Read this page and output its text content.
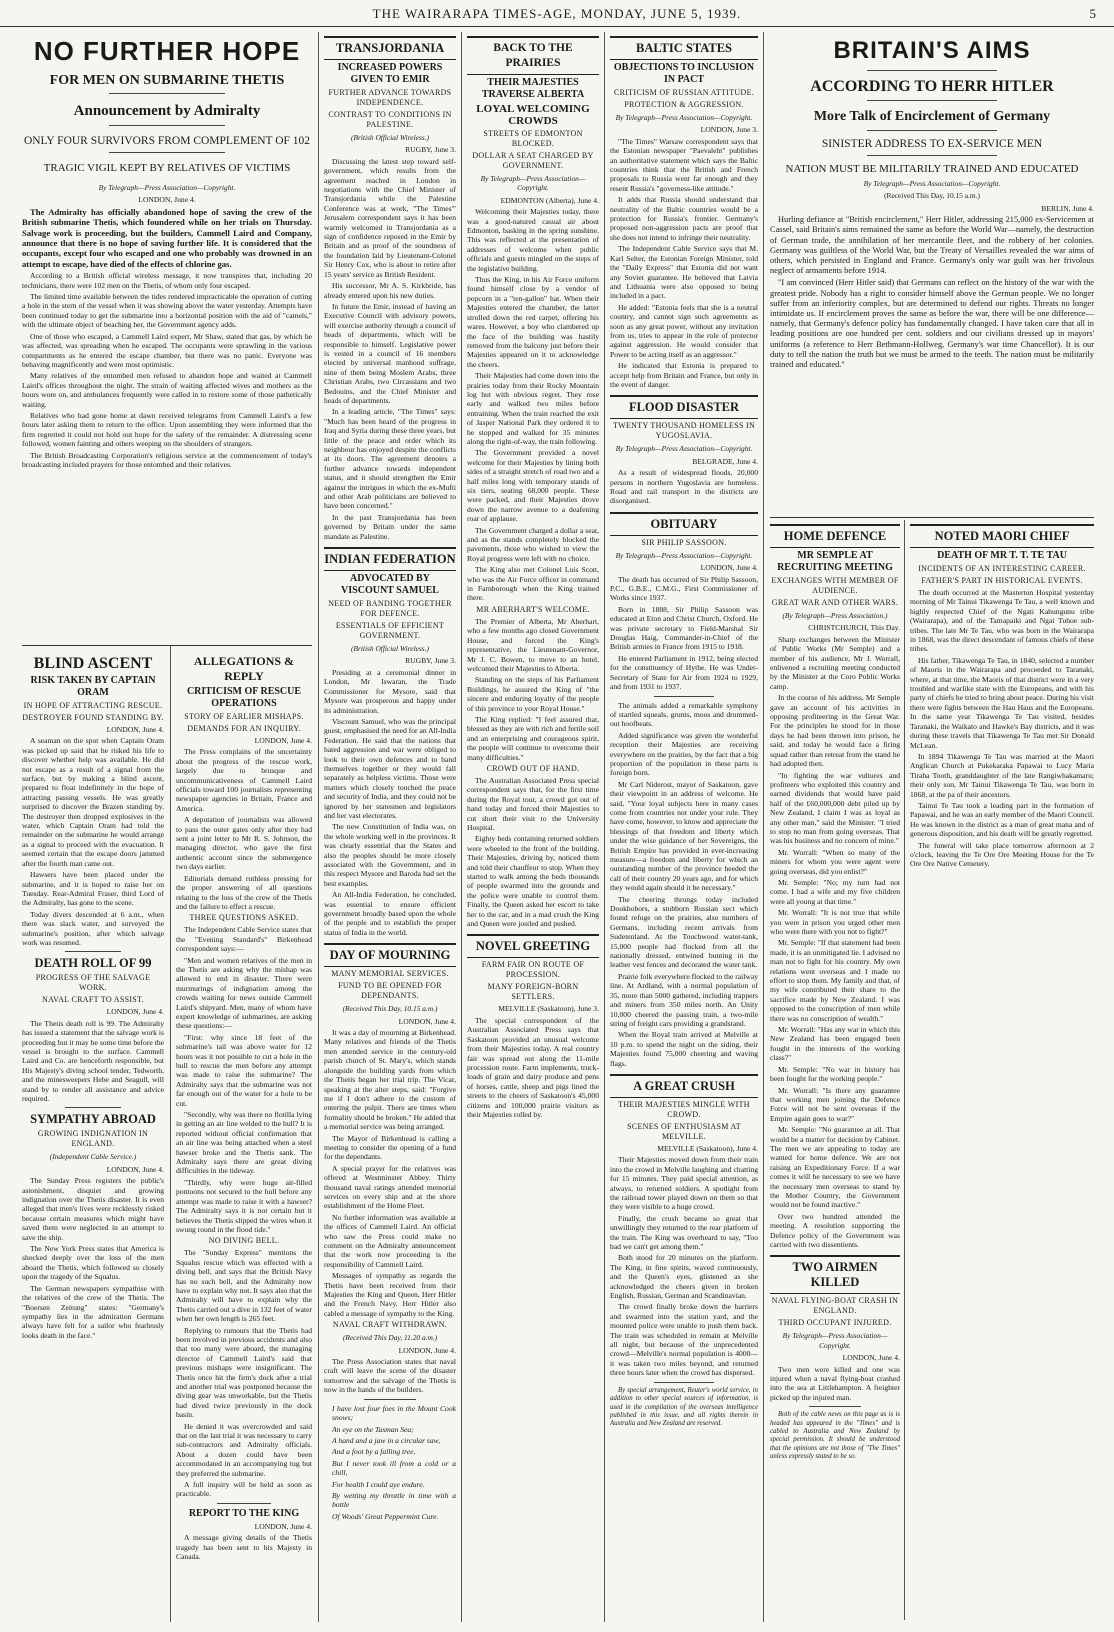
THE WAIRARAPA TIMES-AGE, MONDAY, JUNE 5, 1939.	5
NO FURTHER HOPE
FOR MEN ON SUBMARINE THETIS
Announcement by Admiralty
ONLY FOUR SURVIVORS FROM COMPLEMENT OF 102
TRAGIC VIGIL KEPT BY RELATIVES OF VICTIMS
By Telegraph—Press Association—Copyright.
LONDON, June 4.

The Admiralty has officially abandoned hope of saving the crew of the British submarine Thetis, which foundered while on her trials on Thursday. Salvage work is proceeding, but the builders, Cammell Laird and Company, announce that there is no hope of saving further life. It is considered that the occupants, except four who escaped and one who probably was drowned in an attempt to escape, have died of the effects of chlorine gas.

According to a British official wireless message, it now transpires that, including 20 technicians, there were 102 men on the Thetis, of whom only four escaped.

The limited time available between the tides rendered impracticable the operation of cutting a hole in the stern of the vessel when it was showing above the water yesterday. Attempts have been continued today to get the submarine into a horizontal position with the aid of "camels," with the ultimate object of beaching her, the Government agency adds.

One of those who escaped, a Cammell Laird expert, Mr Shaw, stated that gas, by which he was affected, was spreading when he escaped. The occupants were sprawling in the various compartments as he entered the escape chamber, but there was no panic. Everyone was behaving magnificently and were most optimistic.

Many relatives of the entombed men refused to abandon hope and waited at Cammell Laird's offices throughout the night. The strain of waiting affected wives and mothers as the hours wore on, and ambulances frequently were called in to restore some of those pathetically waiting.

Relatives who had gone home at dawn received telegrams from Cammell Laird's a few hours later asking them to return to the office. Upon assembling they were informed that the firm regretted it could not hold out hope for the safety of the remainder. A distressing scene followed, women fainting and others weeping on the shoulders of strangers.

The British Broadcasting Corporation's religious service at the commencement of today's broadcasting included prayers for those entombed and their relatives.

BLIND ASCENT
RISK TAKEN BY CAPTAIN ORAM
IN HOPE OF ATTRACTING RESCUE.
DESTROYER FOUND STANDING BY.
LONDON, June 4.

A seaman on the spot when Captain Oram was picked up said that he risked his life to discover whether help was available. He did not escape as a result of a signal from the surface, but by making a blind ascent, prepared to float indefinitely in the hope of attracting passing vessels. He was greatly surprised to discover the Brazen standing by. The destroyer then dropped explosives in the water, which Captain Oram had told the remainder on the submarine he would arrange as a signal to proceed with the evacuation. It seemed certain that the escape doors jammed after the fourth man came out.

Hawsers have been placed under the submarine, and it is hoped to raise her on Tuesday. Rear-Admiral Fraser, third Lord of the Admiralty, has gone to the scene.

Today divers descended at 6 a.m., when there was slack water, and surveyed the submarine's position, after which salvage work was resumed.

DEATH ROLL OF 99
PROGRESS OF THE SALVAGE WORK.
NAVAL CRAFT TO ASSIST.
LONDON, June 4.

The Thetis death roll is 99. The Admiralty has issued a statement that the salvage work is proceeding but it may be some time before the vessel is brought to the surface. Cammell Laird and Co. are henceforth responsible, but His Majesty's diving school tender, Tedworth, and the minesweepers Hebe and Seagull, will stand by to render all assistance and advice required.

SYMPATHY ABROAD
GROWING INDIGNATION IN ENGLAND.
(Independent Cable Service.)
LONDON, June 4.

The Sunday Press registers the public's astonishment, disquiet and growing indignation over the Thetis disaster. It is even alleged that men's lives were recklessly risked because certain measures which might have saved them were neglected in an attempt to save the ship.

The New York Press states that America is shocked deeply over the loss of the men aboard the Thetis, which followed so closely upon the tragedy of the Squalus.

The German newspapers sympathise with the relatives of the crew of the Thetis. The "Boersen Zeitung" states: "Germany's sympathy lies in the admiration Germans always have felt for a sailor who fearlessly looks death in the face."

ALLEGATIONS & REPLY
CRITICISM OF RESCUE OPERATIONS
STORY OF EARLIER MISHAPS.
DEMANDS FOR AN INQUIRY.
LONDON, June 4.

The Press complains of the uncertainty about the progress of the rescue work, largely due to brusque and uncommunicativeness of Cammell Laird officials toward 100 journalists representing newspaper agencies in Britain, France and America.

A deputation of journalists was allowed to pass the outer gates only after they had sent a joint letter to Mr R. S. Johnson, the managing director, who gave the first authentic account since the submergence two days earlier.

Editorials demand ruthless pressing for the proper answering of all questions relating to the loss of the crew of the Thetis and the failure to effect a rescue.

THREE QUESTIONS ASKED.

The Independent Cable Service states that the "Evening Standard's" Birkenhead correspondent says:—

"Men and women relatives of the men in the Thetis are asking why the mishap was allowed to end in disaster. There were murmurings of indignation among the crowds waiting for news outside Cammell Laird's shipyard. Men, many of whom have expert knowledge of submarines, are asking these questions:—

"First: why since 18 feet of the submarine's tail was above water for 12 hours was it not possible to cut a hole in the hull to rescue the men before any attempt was made to raise the submarine? The Admiralty says that the submarine was not far enough out of the water for a hole to be cut.

"Secondly, why was there no flotilla lying in getting an air line welded to the hull? It is reported without official confirmation that an air line was being attached when a steel hawser broke and the Thetis sank. The Admiralty says there are great diving difficulties in the tideway.

"Thirdly, why were huge air-filled pontoons not secured to the hull before any attempt was made to raise it with a hawser? The Admiralty says it is not certain but it believes the Thetis slipped the wires when it swung round in the flood tide."

NO DIVING BELL.

The "Sunday Express" mentions the Squalus rescue which was effected with a diving bell, and says that the British Navy has no such bell, and the Admiralty now have to explain why not. It says also that the Admiralty will have to explain why the Thetis carried out a dive in 132 feet of water when her own length is 265 feet.

Replying to rumours that the Thetis had been involved in previous accidents and also that too many were aboard, the managing director of Cammell Laird's said that previous mishaps were insignificant. The Thetis once hit the firm's dock after a trial and another trial was postponed because the diving gear was unworkable, but the Thetis had dived twice previously in the dock basin.

He denied it was overcrowded and said that on the last trial it was necessary to carry sub-contractors and Admiralty officials. About a dozen could have been accommodated in an accompanying tug but they preferred the submarine.

A full inquiry will be held as soon as practicable.

REPORT TO THE KING
LONDON, June 4.

A message giving details of the Thetis tragedy has been sent to his Majesty in Canada.

TRANSJORDANIA
INCREASED POWERS GIVEN TO EMIR
FURTHER ADVANCE TOWARDS INDEPENDENCE.
CONTRAST TO CONDITIONS IN PALESTINE.
(British Official Wireless.)
RUGBY, June 3.

Discussing the latest step toward self-government, which results from the agreement reached in London in negotiations with the Chief Minister of Transjordania while the Palestine Conference was at work, "The Times'" Jerusalem correspondent says it has been warmly welcomed in Transjordania as a sign of confidence reposed in the Emir by Britain and as proof of the soundness of the foundation laid by Lieutenant-Colonel Sir Henry Cox, who is about to retire after 15 years' service as British Resident.

His successor, Mr A. S. Kirkbride, has already entered upon his new duties.

In future the Emir, instead of having an Executive Council with advisory powers, will exercise authority through a council of heads of departments, which will be responsible to himself. Legislative power is vested in a council of 16 members elected by universal manhood suffrage, nine of them being Moslem Arabs, three Christian Arabs, two Circassians and two Bedouins, and the Chief Minister and heads of departments.

In a leading article, "The Times" says: "Much has been heard of the progress in Iraq and Syria during these three years, but little of the peace and order which its neighbour has enjoyed despite the conflicts at its doors. The agreement denotes a further advance towards independent status, and it should strengthen the Emir against the intrigues in which the ex-Mufti and other Arab politicians are believed to have been concerned."

In the past Transjordania has been governed by Britain under the same mandate as Palestine.

INDIAN FEDERATION
ADVOCATED BY VISCOUNT SAMUEL
NEED OF BANDING TOGETHER FOR DEFENCE.
ESSENTIALS OF EFFICIENT GOVERNMENT.
(British Official Wireless.)
RUGBY, June 3.

Presiding at a ceremonial dinner in London, Mr Iswaran, the Trade Commissioner for Mysore, said that Mysore was prosperous and happy under its administration.

Viscount Samuel, who was the principal guest, emphasised the need for an All-India Federation. He said that the nations that hated aggression and war were obliged to look to their own defences and to band themselves together or they would fall separately as helpless victims. Those were matters which closely touched the peace and security of India, and they could not be ignored by her statesmen and legislators and her vast electorates.

The new Constitution of India was, on the whole working well in the provinces. It was clearly essential that the States and also the peoples should be more closely associated with the Government, and in this respect Mysore and Baroda had set the best examples.

An All-India Federation, he concluded, was essential to ensure efficient government broadly based upon the whole of the people and to establish the proper status of India in the world.

DAY OF MOURNING
MANY MEMORIAL SERVICES.
FUND TO BE OPENED FOR DEPENDANTS.
(Received This Day, 10.15 a.m.)
LONDON, June 4.

It was a day of mourning at Birkenhead. Many relatives and friends of the Thetis men attended service in the century-old parish church of St. Mary's, which stands alongside the building yards from which the Thetis began her trial trip. The Vicar, speaking at the alter steps, said: "Forgive me if I don't adhere to the custom of entering the pulpit. There are times when formality should be broken." He added that a memorial service was being arranged.

The Mayor of Birkenhead is calling a meeting to consider the opening of a fund for the dependants.

A special prayer for the relatives was offered at Westminster Abbey. Thirty thousand naval ratings attended memorial services on every ship and at the shore establishment of the Home Fleet.

No further information was available at the offices of Cammell Laird. An official who saw the Press could make no comment on the Admiralty announcement that the work now proceeding is the responsibility of Cammell Laird.

Messages of sympathy as regards the Thetis have been received from their Majesties the King and Queen, Herr Hitler and the French Navy. Herr Hitler also cabled a message of sympathy to the King.

NAVAL CRAFT WITHDRAWN.
(Received This Day, 11.20 a.m.)
LONDON, June 4.

The Press Association states that naval craft will leave the scene of the disaster tomorrow and the salvage of the Thetis is now in the hands of the builders.

I have lost four foes in the Mount Cook snows;

An eye on the Tasman Sea;

A hand and a jaw in a circular saw,

And a foot by a falling tree,

But I never took ill from a cold or a chill,

For health I could aye endure.

By wetting my throttle in time with a bottle

Of Woods' Great Peppermint Cure.

BACK TO THE PRAIRIES
THEIR MAJESTIES TRAVERSE ALBERTA
LOYAL WELCOMING CROWDS
STREETS OF EDMONTON BLOCKED.
DOLLAR A SEAT CHARGED BY GOVERNMENT.
By Telegraph—Press Association—Copyright.
EDMONTON (Alberta), June 4.

Welcoming their Majesties today, there was a good-natured casual air about Edmonton, basking in the spring sunshine. This was reflected at the presentation of addresses of welcome when public officials and guests mingled on the steps of the legislative building.

Thus the King, in his Air Force uniform found himself close by a vendor of popcorn in a "ten-gallon" hat. When their Majesties entered the chamber, the latter strolled down the red carpet, offering his wares. However, a boy who clambered up the face of the building was hastily removed from the balcony just before their Majesties appeared on it to acknowledge the cheers.

Their Majesties had come down into the prairies today from their Rocky Mountain log hut with obvious regret. They rose early and walked two miles before entraining. When the train reached the exit of Jasper National Park they ordered it to be stopped and walked for 35 minutes along the right-of-way, the train following.

The Government provided a novel welcome for their Majesties by lining both sides of a straight stretch of road two and a half miles long with temporary stands of six tiers, seating 68,000 people. These were packed, and their Majesties drove down the narrow avenue to a deafening roar of applause.

The Government charged a dollar a seat, and as the stands completely blocked the pavements, those who wished to view the Royal progress were left with no choice.

The King also met Colonel Luis Scott, who was the Air Force officer in command in Farnborough when the King trained there.

MR ABERHART'S WELCOME.

The Premier of Alberta, Mr Aberhart, who a few months ago closed Government House, and forced the King's representative, the Lieutenant-Governor, Mr J. C. Bowen, to move to an hotel, welcomed their Majesties to Alberta.

Standing on the steps of his Parliament Buildings, he assured the King of "the sincere and enduring loyalty of the people of this province to your Royal House."

The King replied: "I feel assured that, blessed as they are with rich and fertile soil and an enterprising and courageous spirit, the people will continue to overcome their many difficulties."

CROWD OUT OF HAND.

The Australian Associated Press special correspondent says that, for the first time during the Royal tour, a crowd got out of hand today and forced their Majesties to cut short their visit to the University Hospital.

Eighty beds containing returned soldiers were wheeled to the front of the building. Their Majesties, driving by, noticed them and told their chauffeur to stop. When they started to walk among the beds thousands of people swarmed into the grounds and the police were unable to control them. Finally, the Queen asked her escort to take her to the car, and in a mad crush the King and Queen were jostled and pushed.

NOVEL GREETING
FARM FAIR ON ROUTE OF PROCESSION.
MANY FOREIGN-BORN SETTLERS.
MELVILLE (Saskatoon), June 3.

The special correspondent of the Australian Associated Press says that Saskatoon provided an unusual welcome from their Majesties today. A real country fair was spread out along the 11-mile procession route. Farm implements, truck-loads of grain and dairy produce and pens of horses, cattle, sheep and pigs lined the streets to the cheers of Saskatoon's 45,000 citizens and 100,000 prairie visitors as their Majesties rolled by.

BALTIC STATES
OBJECTIONS TO INCLUSION IN PACT
CRITICISM OF RUSSIAN ATTITUDE.
PROTECTION & AGGRESSION.
By Telegraph—Press Association—Copyright.
LONDON, June 3.

"The Times" Warsaw correspondent says that the Estonian newspaper "Paevaleht" publishes an authoritative statement which says the Baltic countries think that the British and French proposals to Russia went far enough and they resent Russia's "governess-like attitude."

It adds that Russia should understand that neutrality of the Baltic countries would be a protection for Russia's frontier. Germany's proposed non-aggression pacts are proof that she does not intend to infringe their neutrality.

The Independent Cable Service says that M. Karl Selter, the Estonian Foreign Minister, told the "Daily Express" that Estonia did not want any Soviet guarantee. He believed that Latvia and Lithuania were also opposed to being included in a pact.

He added: "Estonia feels that she is a neutral country, and cannot sign such agreements as soon as any great power, without any invitation from us, tries to appear in the role of protector against aggression. He would consider that Power to be acting itself as an aggressor."

He indicated that Estonia is prepared to accept help from Britain and France, but only in the event of danger.

FLOOD DISASTER
TWENTY THOUSAND HOMELESS IN YUGOSLAVIA.
By Telegraph—Press Association—Copyright.
BELGRADE, June 4.

As a result of widespread floods, 20,000 persons in northern Yugoslavia are homeless. Road and rail transport in the districts are disorganised.

OBITUARY
SIR PHILIP SASSOON.
By Telegraph—Press Association—Copyright.
LONDON, June 4.

The death has occurred of Sir Philip Sassoon, P.C., G.B.E., C.M.G., First Commissioner of Works since 1937.

Born in 1888, Sir Philip Sassoon was educated at Eton and Christ Church, Oxford. He was private secretary to Field-Marshal Sir Douglas Haig, Commander-in-Chief of the British armies in France from 1915 to 1918.

He entered Parliament in 1912, being elected for the constituency of Hythe. He was Under-Secretary of State for Air from 1924 to 1929, and from 1931 to 1937.

The animals added a remarkable symphony of startled squeals, grunts, moos and drummed-out hoofbeats.

Added significance was given the wonderful reception their Majesties are receiving everywhere on the prairies, by the fact that a big proportion of the population in these parts is foreign born.

Mr Carl Niderost, mayor of Saskatoon, gave their viewpoint in an address of welcome. He said, "Your loyal subjects here in many cases come from countries not under your rule. They have come, however, to know and appreciate the blessings of that freedom and liberty which under the wise guidance of her Sovereigns, the British Empire has provided in ever-increasing measure—a freedom and liberty for which an outstanding number of the province heeded the call of their country 20 years ago, and for which they would again should it be necessary."

The cheering throngs today included Doukhobors, a stubborn Russian sect which found refuge on the prairies, also numbers of Germans, including recent arrivals from Sudetenland. At the Touchwood water-tank, 15,000 people had flocked from all the nationally dressed, entwined bunting in the leather vest fences and decorated the water tank.

Prairie folk everywhere flocked to the railway line. At Ardland, with a normal population of 35, more than 5000 gathered, including trappers and miners from 350 miles north. An Unity 10,000 cheered the passing train, a two-mile string of freight cars providing a grandstand.

When the Royal train arrived at Melville at 10 p.m. to spend the night on the siding, their Majesties found 75,000 cheering and waving flags.

A GREAT CRUSH
THEIR MAJESTIES MINGLE WITH CROWD.
SCENES OF ENTHUSIASM AT MELVILLE.
MELVILLE (Saskatoon), June 4.

Their Majesties moved down from their train into the crowd in Melville laughing and chatting for 15 minutes. They paid special attention, as always, to returned soldiers. A spotlight from the railroad tower played down on them so that they were visible to a huge crowd.

Finally, the crush became so great that unwillingly they returned to the rear platform of the train. The King was overheard to say, "Too bad we can't get among them."

Both stood for 20 minutes on the platform. The King, in fine spirits, waved continuously, and the Queen's eyes, glistened as she acknowledged the cheers given in broken English, Russian, German and Scandinavian.

The crowd finally broke down the barriers and swarmed into the station yard, and the mounted police were unable to push them back. The train was scheduled to remain at Melville all night, but because of the unprecedented crowd—Melville's normal population is 4000—it was taken two miles beyond, and returned three hours later when the crowd has dispersed.

By special arrangement, Reuter's world service, in addition to other special sources of information, is used in the compilation of the overseas intelligence published in this issue, and all rights therein in Australia and New Zealand are reserved.

BRITAIN'S AIMS
ACCORDING TO HERR HITLER
More Talk of Encirclement of Germany
SINISTER ADDRESS TO EX-SERVICE MEN
NATION MUST BE MILITARILY TRAINED AND EDUCATED
By Telegraph—Press Association—Copyright.
(Received This Day, 10.15 a.m.)
BERLIN, June 4.

Hurling defiance at "British encirclement," Herr Hitler, addressing 215,000 ex-Servicemen at Cassel, said Britain's aims remained the same as before the World War—namely, the destruction of German trade, the annihilation of her mercantile fleet, and the robbery of her colonies. Germany was guiltless of the World War, but the Treaty of Versailles revealed the war aims of others, which persisted in England and France. Germany's only war guilt was her frivolous neglect of armaments before 1914.

"I am convinced (Herr Hitler said) that Germans can reflect on the history of the war with the greatest pride. Nobody has a right to consider himself above the German people. We no longer suffer from an inferiority complex, but are determined to defend our rights. Threats no longer intimidate us. If encirclement proves the same as before the war, there will be one difference—namely, that Germany's defence policy has fundamentally changed. I have taken care that all in leading positions are one hundred per cent. soldiers and our civilians dressed up in mayors' uniforms (a reference to Herr Bethmann-Hollweg, Germany's war time Chancellor). It is our duty to tell the nation the truth but we must be armed to the teeth. The nation must be militarily trained and educated."

HOME DEFENCE
MR SEMPLE AT RECRUITING MEETING
EXCHANGES WITH MEMBER OF AUDIENCE.
GREAT WAR AND OTHER WARS.
(By Telegraph—Press Association.)
CHRISTCHURCH, This Day.

Sharp exchanges between the Minister of Public Works (Mr Semple) and a member of his audience, Mr J. Worrall, enlivened a recruiting meeting conducted by the Minister at the Coro Public Works camp.

In the course of his address, Mr Semple gave an account of his activities in opposing profiteering in the Great War. For the principles he stood for in those days he had been thrown into prison, he said, and today he would face a firing squad rather than retreat from the stand he had adopted then.

"In fighting the war vultures and profiteers who exploited this country and earned dividends that would have paid half of the £60,000,000 debt piled up by New Zealand, I claim I was as loyal as any other man," said the Minister. "I tried to stop no man from going overseas. That was his business and no concern of mine."

Mr. Worrall: "When so many of the miners for whom you were agent were going overseas, did you enlist?"

Mr. Semple: "No; my turn had not come. I had a wife and my five children were all young at that time."

Mr. Worrall: "It is not true that while you were in prison you urged other men who were there with you not to fight?"

Mr. Semple: "If that statement had been made, it is an unmitigated lie. I advised no man not to fight for his country. My own relations went overseas and I made no effort to stop them. My family and that, of my wife contributed their share to the sacrifice made by New Zealand. I was opposed to the conscription of men while there was no conscription of wealth."

Mr. Worrall: "Has any war in which this New Zealand has been engaged been fought in the interests of the working class?"

Mr. Semple: "No war in history has been fought for the working people."

Mr. Worrall: "Is there any guarantee that working men joining the Defence Force will not be sent overseas if the Empire again goes to war?"

Mr. Semple: "No guarantee at all. That would be a matter for decision by Cabinet. The men we are appealing to today are wanted for home defence. We are not raising an Expeditionary Force. If a war comes it will be necessary to see we have the necessary men overseas to stand by the Mother Country, the Government would not be found inactive."

Over two hundred attended the meeting. A resolution supporting the Defence policy of the Government was carried with two dissentients.

TWO AIRMEN KILLED
NAVAL FLYING-BOAT CRASH IN ENGLAND.
THIRD OCCUPANT INJURED.
By Telegraph—Press Association—Copyright.
LONDON, June 4.

Two men were killed and one was injured when a naval flying-boat crashed into the sea at Littlehampton. A freighter picked up the injured man.

Both of the cable news on this page as is is headed has appeared in the "Times" and is cabled to Australia and New Zealand by special permission. It should be understood that the opinions are not those of "The Times" unless expressly stated to be so.

NOTED MAORI CHIEF
DEATH OF MR T. T. TE TAU
INCIDENTS OF AN INTERESTING CAREER.
FATHER'S PART IN HISTORICAL EVENTS.

The death occurred at the Masterton Hospital yesterday morning of Mr Tainui Tikawenga Te Tau, a well known and highly respected Chief of the Ngati Kahungunu tribe (Wairarapa), and of the Tamapaiki and Ngai Tuhoe sub-tribes. The late Mr Te Tau, who was born in the Wairarapa in 1868, was the direct descendant of famous chiefs of these tribes.

His father, Tikawenga Te Tau, in 1840, selected a number of Maoris in the Wairarapa and proceeded to Taranaki, where, at that time, the Maoris of that district were in a very troubled and warlike state with the Europeans, and with his party of chiefs he tried to bring about peace. During his visit there were fights between the Hau Haus and the Europeans. In the same year Tikawenga Te Tau visited, besides Taranaki, the Waikato and Hawke's Bay districts, and it was during these travels that Tikawenga Te Tau met Sir Donald McLean.

In 1894 Tikawenga Te Tau was married at the Maori Anglican Church at Pukekaraka Papawai to Lucy Maria Tiraha Tooth, granddaughter of the late Rangiwhakamaru; their only son, Mr Tainui Tikawenga Te Tau, was born in 1868, at the pa of their ancestors.

Tainui Te Tau took a leading part in the formation of Papawai, and he was an early member of the Maori Council. He was known in the district as a man of great mana and of generous disposition, and his death will be greatly regretted.

The funeral will take place tomorrow afternoon at 2 o'clock, leaving the Te Ore Ore Meeting House for the Te Ore Ore Native Cemetery.
